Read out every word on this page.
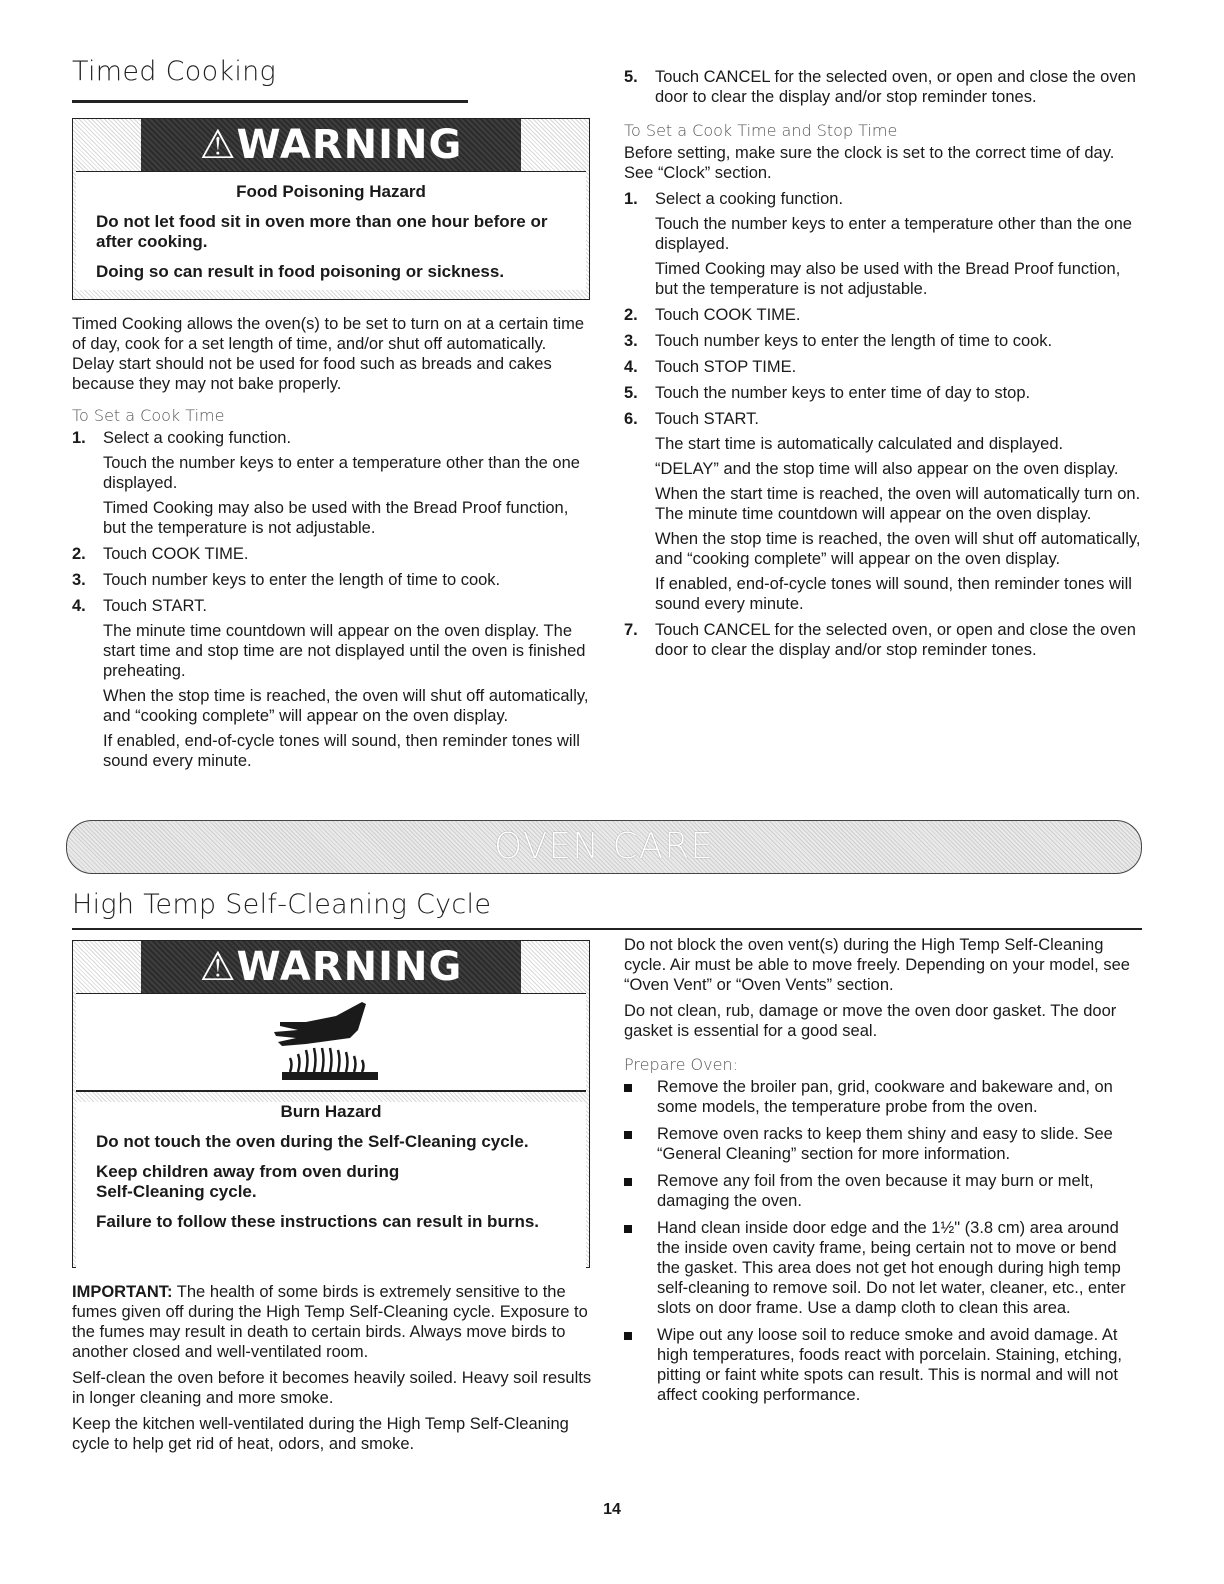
Timed Cooking
⚠WARNING
Food Poisoning Hazard
Do not let food sit in oven more than one hour before or after cooking.
Doing so can result in food poisoning or sickness.

Timed Cooking allows the oven(s) to be set to turn on at a certain time of day, cook for a set length of time, and/or shut off automatically. Delay start should not be used for food such as breads and cakes because they may not bake properly.

To Set a Cook Time
1. Select a cooking function.

Touch the number keys to enter a temperature other than the one displayed.

Timed Cooking may also be used with the Bread Proof function, but the temperature is not adjustable.

2. Touch COOK TIME.

3. Touch number keys to enter the length of time to cook.

4. Touch START.

The minute time countdown will appear on the oven display. The start time and stop time are not displayed until the oven is finished preheating.

When the stop time is reached, the oven will shut off automatically, and “cooking complete” will appear on the oven display.

If enabled, end-of-cycle tones will sound, then reminder tones will sound every minute.

5. Touch CANCEL for the selected oven, or open and close the oven door to clear the display and/or stop reminder tones.

To Set a Cook Time and Stop Time

Before setting, make sure the clock is set to the correct time of day. See “Clock” section.

1. Select a cooking function.

Touch the number keys to enter a temperature other than the one displayed.

Timed Cooking may also be used with the Bread Proof function, but the temperature is not adjustable.

2. Touch COOK TIME.

3. Touch number keys to enter the length of time to cook.

4. Touch STOP TIME.

5. Touch the number keys to enter time of day to stop.

6. Touch START.

The start time is automatically calculated and displayed.

“DELAY” and the stop time will also appear on the oven display.

When the start time is reached, the oven will automatically turn on. The minute time countdown will appear on the oven display.

When the stop time is reached, the oven will shut off automatically, and “cooking complete” will appear on the oven display.

If enabled, end-of-cycle tones will sound, then reminder tones will sound every minute.

7. Touch CANCEL for the selected oven, or open and close the oven door to clear the display and/or stop reminder tones.

OVEN CARE
High Temp Self-Cleaning Cycle
⚠WARNING
Burn Hazard
Do not touch the oven during the Self-Cleaning cycle.
Keep children away from oven during Self-Cleaning cycle.
Failure to follow these instructions can result in burns.

IMPORTANT: The health of some birds is extremely sensitive to the fumes given off during the High Temp Self-Cleaning cycle. Exposure to the fumes may result in death to certain birds. Always move birds to another closed and well-ventilated room.

Self-clean the oven before it becomes heavily soiled. Heavy soil results in longer cleaning and more smoke.

Keep the kitchen well-ventilated during the High Temp Self-Cleaning cycle to help get rid of heat, odors, and smoke.

Do not block the oven vent(s) during the High Temp Self-Cleaning cycle. Air must be able to move freely. Depending on your model, see “Oven Vent” or “Oven Vents” section.

Do not clean, rub, damage or move the oven door gasket. The door gasket is essential for a good seal.

Prepare Oven:
Remove the broiler pan, grid, cookware and bakeware and, on some models, the temperature probe from the oven.
Remove oven racks to keep them shiny and easy to slide. See “General Cleaning” section for more information.
Remove any foil from the oven because it may burn or melt, damaging the oven.
Hand clean inside door edge and the 1½" (3.8 cm) area around the inside oven cavity frame, being certain not to move or bend the gasket. This area does not get hot enough during high temp self-cleaning to remove soil. Do not let water, cleaner, etc., enter slots on door frame. Use a damp cloth to clean this area.
Wipe out any loose soil to reduce smoke and avoid damage. At high temperatures, foods react with porcelain. Staining, etching, pitting or faint white spots can result. This is normal and will not affect cooking performance.
14
